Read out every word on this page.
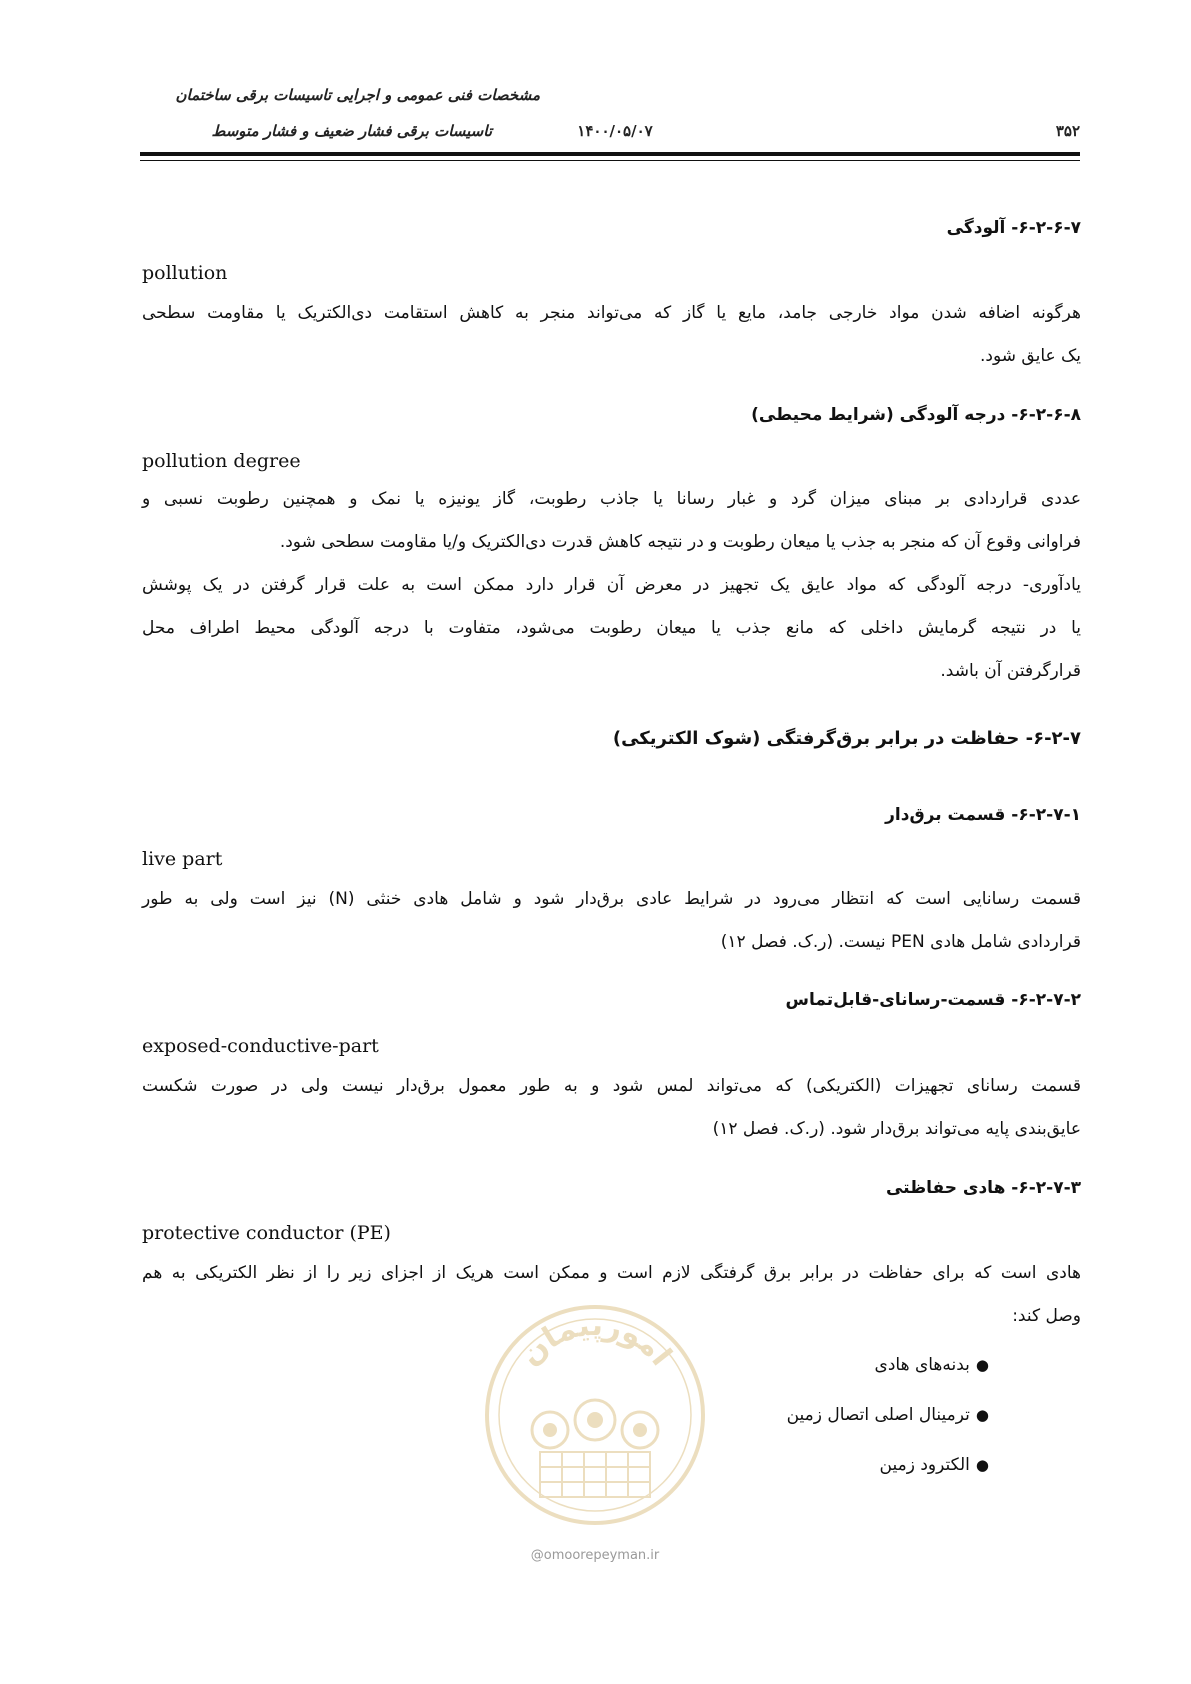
مشخصات فنی عمومی و اجرایی تاسیسات برقی ساختمان
تاسیسات برقی فشار ضعیف و فشار متوسط	۱۴۰۰/۰۵/۰۷	۳۵۲
۶-۲-۶-۷- آلودگی
pollution
هرگونه اضافه شدن مواد خارجی جامد، مایع یا گاز که می‌تواند منجر به کاهش استقامت دی‌الکتریک یا مقاومت سطحی
یک عایق شود.
۶-۲-۶-۸- درجه آلودگی (شرایط محیطی)
pollution degree
عددی قراردادی بر مبنای میزان گرد و غبار رسانا یا جاذب رطوبت، گاز یونیزه یا نمک و همچنین رطوبت نسبی و
فراوانی وقوع آن که منجر به جذب یا میعان رطوبت و در نتیجه کاهش قدرت دی‌الکتریک و/یا مقاومت سطحی شود.
یادآوری- درجه آلودگی که مواد عایق یک تجهیز در معرض آن قرار دارد ممکن است به علت قرار گرفتن در یک پوشش
یا در نتیجه گرمایش داخلی که مانع جذب یا میعان رطوبت می‌شود، متفاوت با درجه آلودگی محیط اطراف محل
قرارگرفتن آن باشد.
۶-۲-۷- حفاظت در برابر برق‌گرفتگی (شوک الکتریکی)
۶-۲-۷-۱- قسمت برق‌دار
live part
قسمت رسانایی است که انتظار می‌رود در شرایط عادی برق‌دار شود و شامل هادی خنثی (N) نیز است ولی به طور
قراردادی شامل هادی PEN نیست. (ر.ک. فصل ۱۲)
۶-۲-۷-۲- قسمت-رسانای-قابل‌تماس
exposed-conductive-part
قسمت رسانای تجهیزات (الکتریکی) که می‌تواند لمس شود و به طور معمول برق‌دار نیست ولی در صورت شکست
عایق‌بندی پایه می‌تواند برق‌دار شود. (ر.ک. فصل ۱۲)
۶-۲-۷-۳- هادی حفاظتی
protective conductor (PE)
هادی است که برای حفاظت در برابر برق گرفتگی لازم است و ممکن است هریک از اجزای زیر را از نظر الکتریکی به هم
وصل کند:
●بدنه‌های هادی
●ترمینال اصلی اتصال زمین
●الکترود زمین
امورپیمان
@omoorepeyman.ir
